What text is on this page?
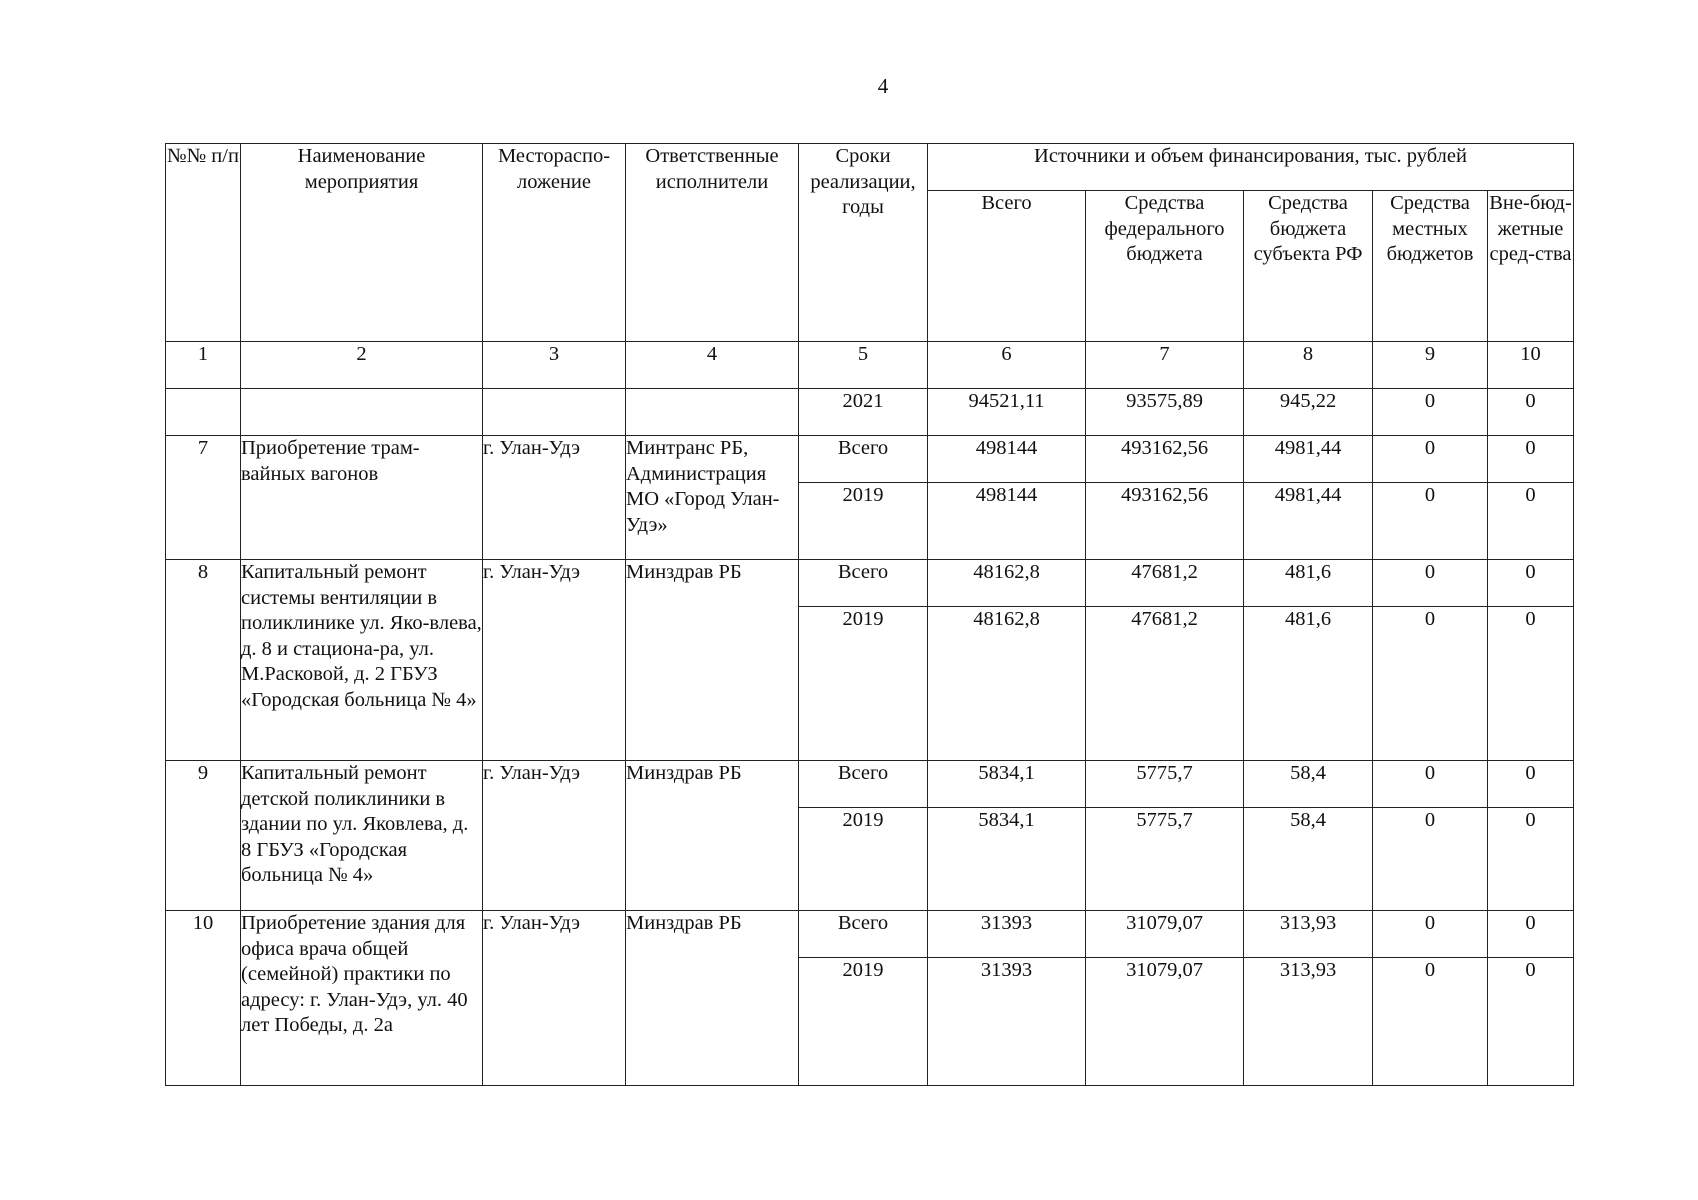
4
№№ п/п	Наименование мероприятия	Местораспо-ложение	Ответственные исполнители	Сроки реализации, годы	Источники и объем финансирования, тыс. рублей				
					Всего	Средства федерального бюджета	Средства бюджета субъекта РФ	Средства местных бюджетов	Вне-бюд-жетные сред-ства
1	2	3	4	5	6	7	8	9	10
				2021	94521,11	93575,89	945,22	0	0
7	Приобретение трам-вайных вагонов	г. Улан-Удэ	Минтранс РБ, Администрация МО «Город Улан-Удэ»	Всего	498144	493162,56	4981,44	0	0
				2019	498144	493162,56	4981,44	0	0
8	Капитальный ремонт системы вентиляции в поликлинике ул. Яко-влева, д. 8 и стациона-ра, ул. М.Расковой, д. 2 ГБУЗ «Городская больница № 4»	г. Улан-Удэ	Минздрав РБ	Всего	48162,8	47681,2	481,6	0	0
				2019	48162,8	47681,2	481,6	0	0
9	Капитальный ремонт детской поликлиники в здании по ул. Яковлева, д. 8 ГБУЗ «Городская больница № 4»	г. Улан-Удэ	Минздрав РБ	Всего	5834,1	5775,7	58,4	0	0
				2019	5834,1	5775,7	58,4	0	0
10	Приобретение здания для офиса врача общей (семейной) практики по адресу: г. Улан-Удэ, ул. 40 лет Победы, д. 2а	г. Улан-Удэ	Минздрав РБ	Всего	31393	31079,07	313,93	0	0
				2019	31393	31079,07	313,93	0	0
